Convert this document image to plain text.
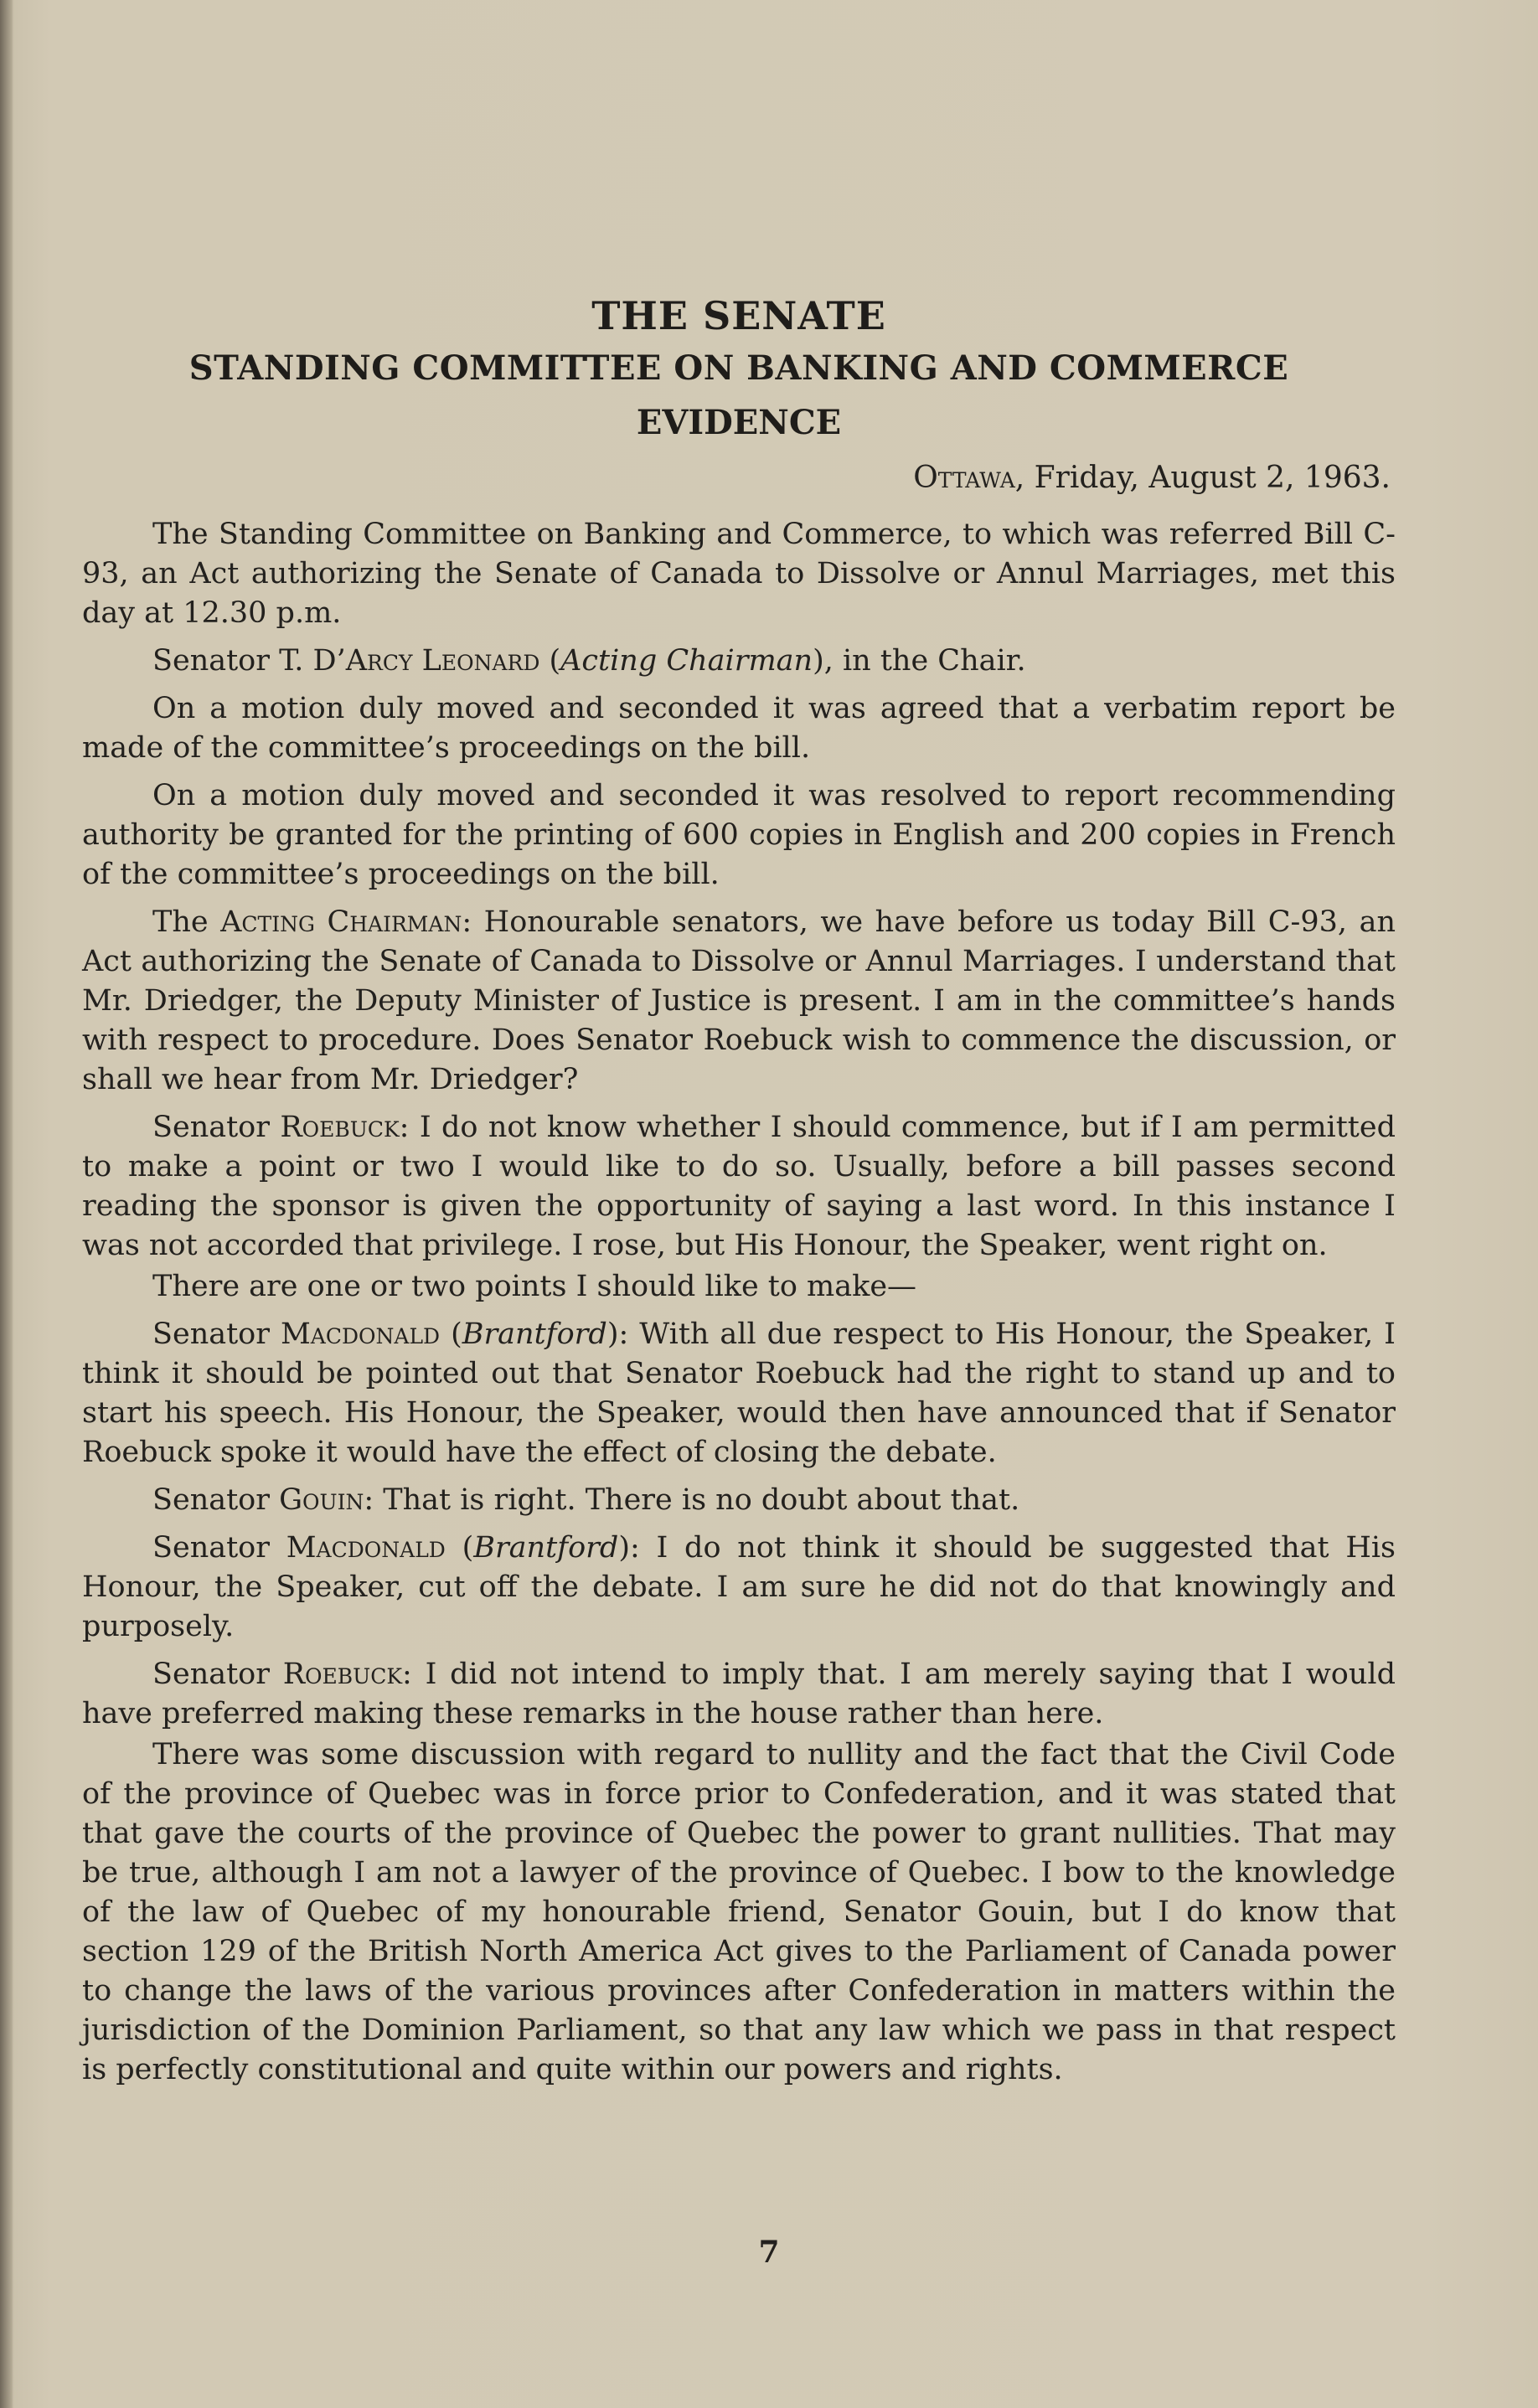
THE SENATE
STANDING COMMITTEE ON BANKING AND COMMERCE
EVIDENCE
Ottawa, Friday, August 2, 1963.

The Standing Committee on Banking and Commerce, to which was referred Bill C-93, an Act authorizing the Senate of Canada to Dissolve or Annul Marriages, met this day at 12.30 p.m.

Senator T. D’Arcy Leonard (Acting Chairman), in the Chair.

On a motion duly moved and seconded it was agreed that a verbatim report be made of the committee’s proceedings on the bill.

On a motion duly moved and seconded it was resolved to report recommending authority be granted for the printing of 600 copies in English and 200 copies in French of the committee’s proceedings on the bill.

The Acting Chairman: Honourable senators, we have before us today Bill C-93, an Act authorizing the Senate of Canada to Dissolve or Annul Marriages. I understand that Mr. Driedger, the Deputy Minister of Justice is present. I am in the committee’s hands with respect to procedure. Does Senator Roebuck wish to commence the discussion, or shall we hear from Mr. Driedger?

Senator Roebuck: I do not know whether I should commence, but if I am permitted to make a point or two I would like to do so. Usually, before a bill passes second reading the sponsor is given the opportunity of saying a last word. In this instance I was not accorded that privilege. I rose, but His Honour, the Speaker, went right on.

There are one or two points I should like to make—

Senator Macdonald (Brantford): With all due respect to His Honour, the Speaker, I think it should be pointed out that Senator Roebuck had the right to stand up and to start his speech. His Honour, the Speaker, would then have announced that if Senator Roebuck spoke it would have the effect of closing the debate.

Senator Gouin: That is right. There is no doubt about that.

Senator Macdonald (Brantford): I do not think it should be suggested that His Honour, the Speaker, cut off the debate. I am sure he did not do that knowingly and purposely.

Senator Roebuck: I did not intend to imply that. I am merely saying that I would have preferred making these remarks in the house rather than here.

There was some discussion with regard to nullity and the fact that the Civil Code of the province of Quebec was in force prior to Confederation, and it was stated that that gave the courts of the province of Quebec the power to grant nullities. That may be true, although I am not a lawyer of the province of Quebec. I bow to the knowledge of the law of Quebec of my honourable friend, Senator Gouin, but I do know that section 129 of the British North America Act gives to the Parliament of Canada power to change the laws of the various provinces after Confederation in matters within the jurisdiction of the Dominion Parliament, so that any law which we pass in that respect is perfectly constitutional and quite within our powers and rights.

7
